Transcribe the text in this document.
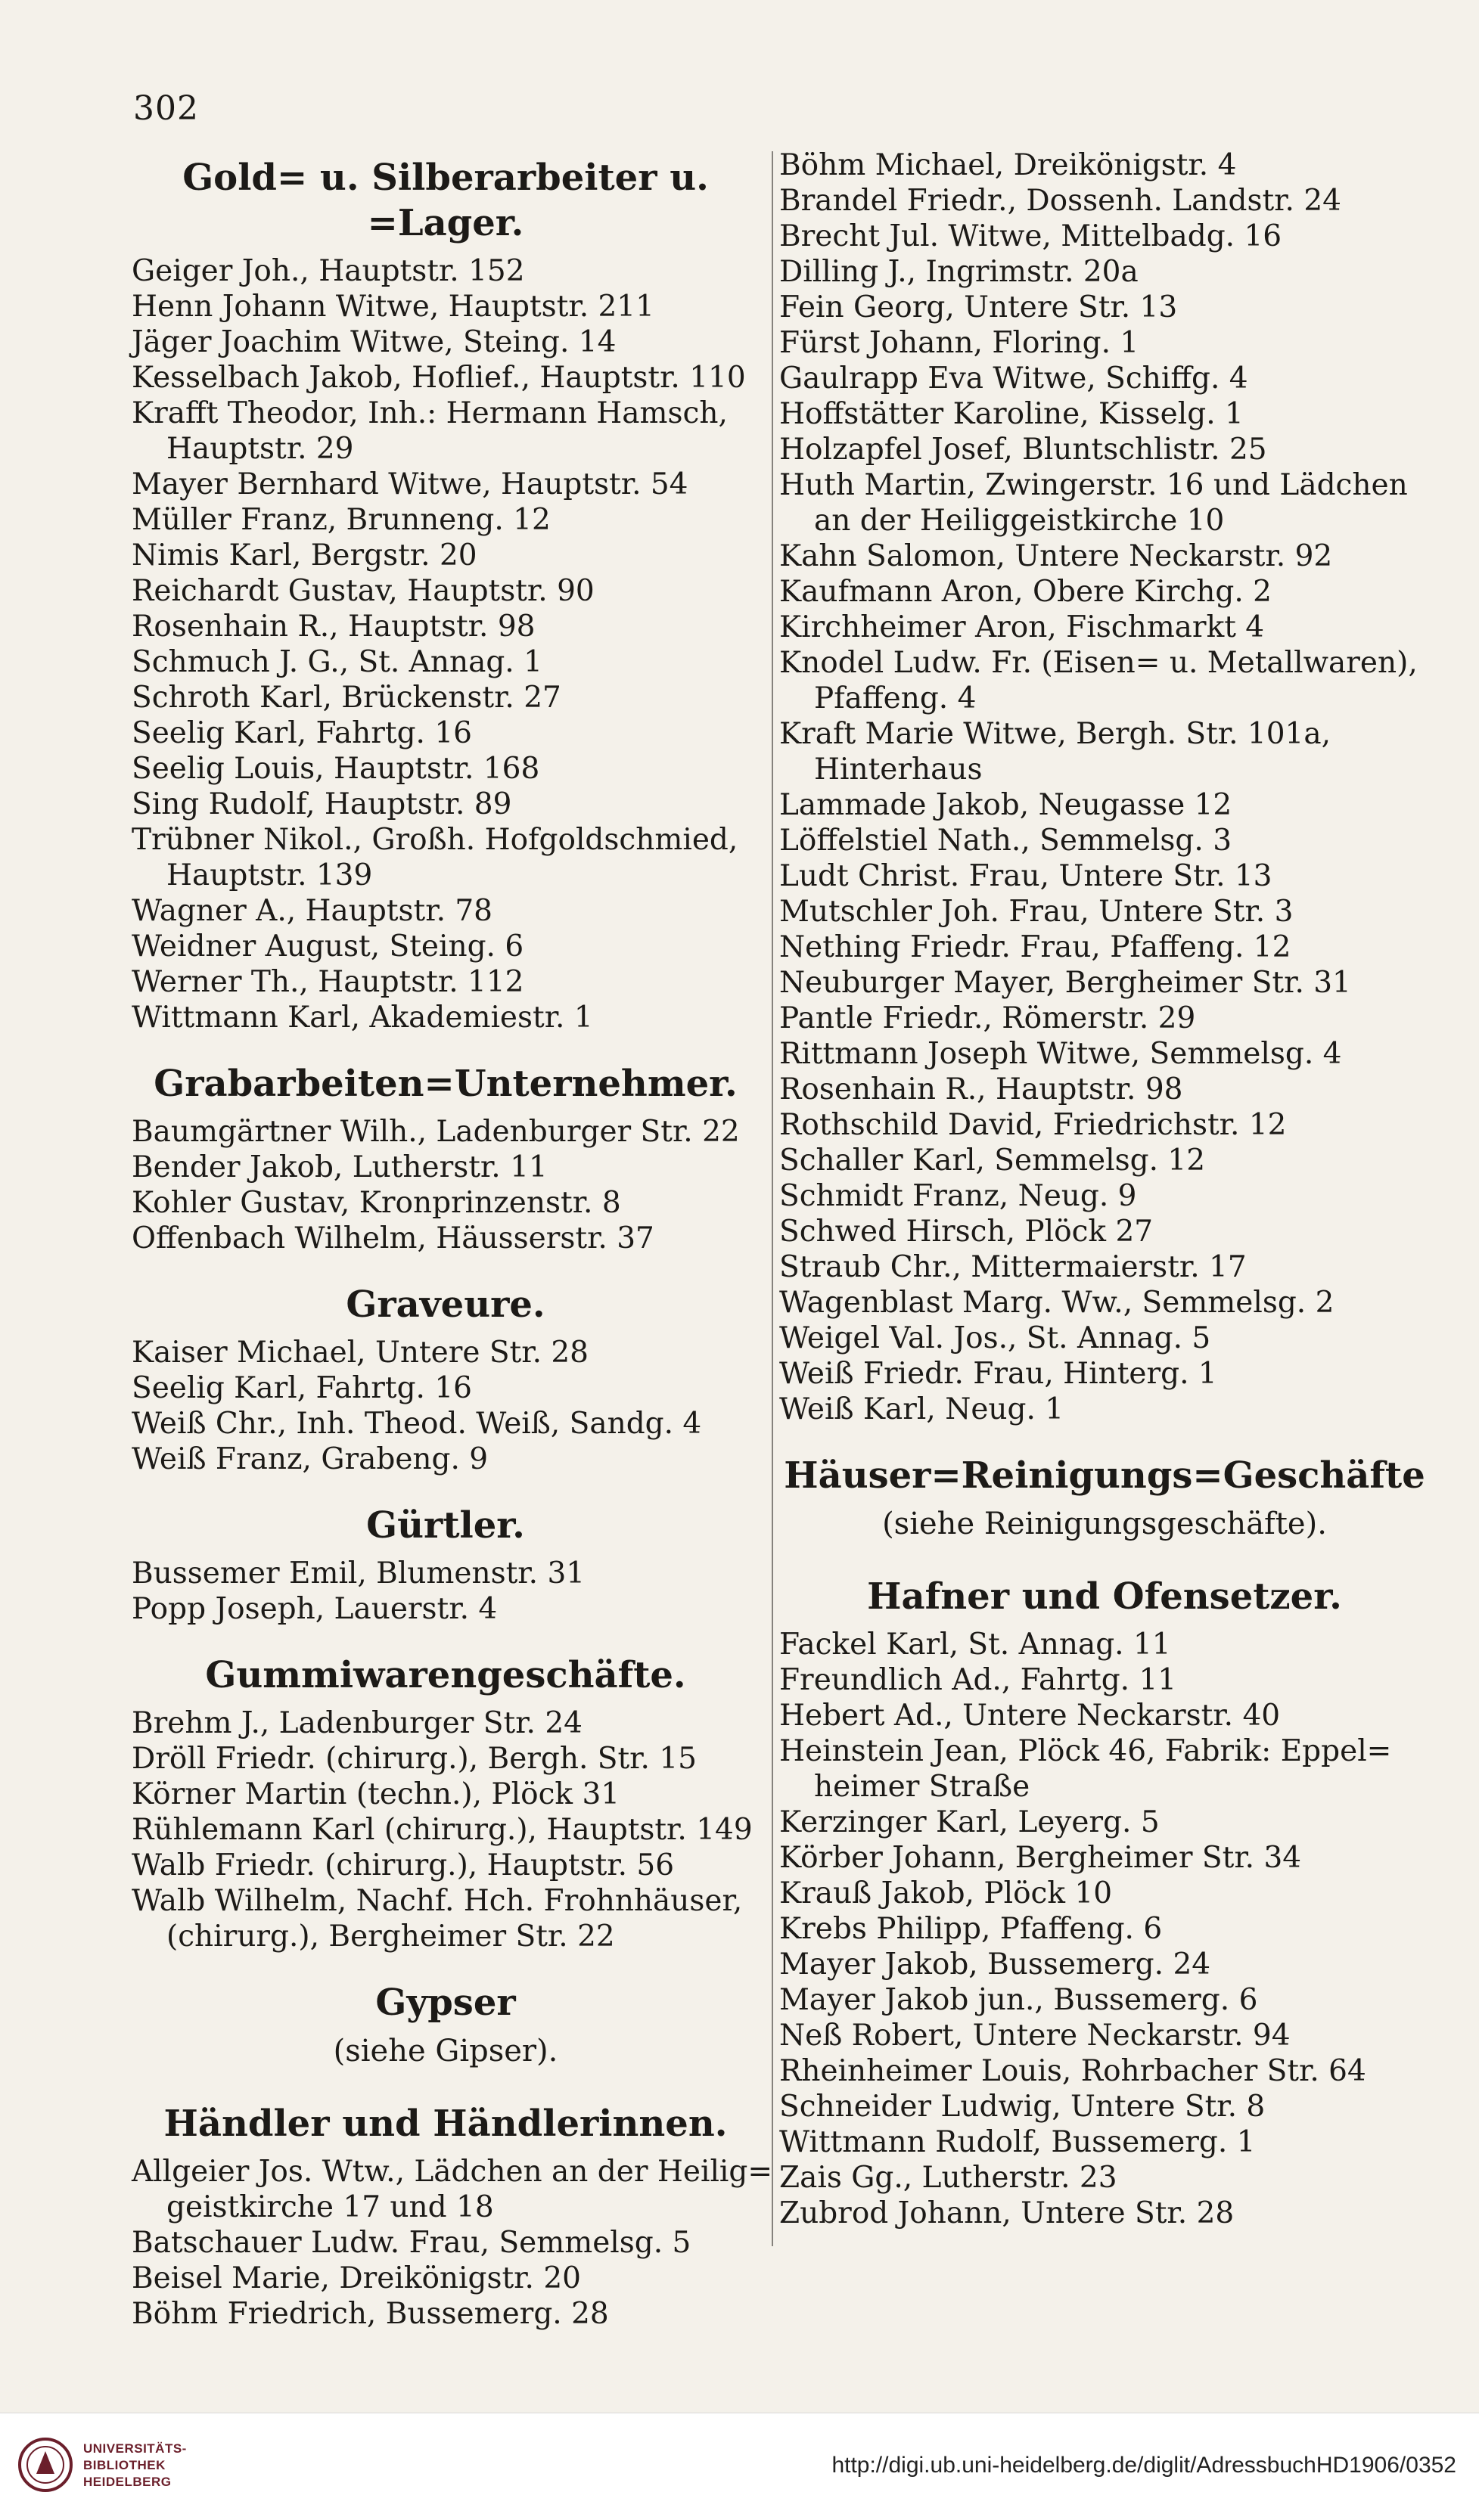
302
Gold= u. Silberarbeiter u. =Lager.
Geiger Joh., Hauptstr. 152
Henn Johann Witwe, Hauptstr. 211
Jäger Joachim Witwe, Steing. 14
Kesselbach Jakob, Hoflief., Hauptstr. 110
Krafft Theodor, Inh.: Hermann Hamsch,
Hauptstr. 29
Mayer Bernhard Witwe, Hauptstr. 54
Müller Franz, Brunneng. 12
Nimis Karl, Bergstr. 20
Reichardt Gustav, Hauptstr. 90
Rosenhain R., Hauptstr. 98
Schmuch J. G., St. Annag. 1
Schroth Karl, Brückenstr. 27
Seelig Karl, Fahrtg. 16
Seelig Louis, Hauptstr. 168
Sing Rudolf, Hauptstr. 89
Trübner Nikol., Großh. Hofgoldschmied,
Hauptstr. 139
Wagner A., Hauptstr. 78
Weidner August, Steing. 6
Werner Th., Hauptstr. 112
Wittmann Karl, Akademiestr. 1
Grabarbeiten=Unternehmer.
Baumgärtner Wilh., Ladenburger Str. 22
Bender Jakob, Lutherstr. 11
Kohler Gustav, Kronprinzenstr. 8
Offenbach Wilhelm, Häusserstr. 37
Graveure.
Kaiser Michael, Untere Str. 28
Seelig Karl, Fahrtg. 16
Weiß Chr., Inh. Theod. Weiß, Sandg. 4
Weiß Franz, Grabeng. 9
Gürtler.
Bussemer Emil, Blumenstr. 31
Popp Joseph, Lauerstr. 4
Gummiwarengeschäfte.
Brehm J., Ladenburger Str. 24
Dröll Friedr. (chirurg.), Bergh. Str. 15
Körner Martin (techn.), Plöck 31
Rühlemann Karl (chirurg.), Hauptstr. 149
Walb Friedr. (chirurg.), Hauptstr. 56
Walb Wilhelm, Nachf. Hch. Frohnhäuser,
(chirurg.), Bergheimer Str. 22
Gypser
(siehe Gipser).
Händler und Händlerinnen.
Allgeier Jos. Wtw., Lädchen an der Heilig=
geistkirche 17 und 18
Batschauer Ludw. Frau, Semmelsg. 5
Beisel Marie, Dreikönigstr. 20
Böhm Friedrich, Bussemerg. 28
Böhm Michael, Dreikönigstr. 4
Brandel Friedr., Dossenh. Landstr. 24
Brecht Jul. Witwe, Mittelbadg. 16
Dilling J., Ingrimstr. 20a
Fein Georg, Untere Str. 13
Fürst Johann, Floring. 1
Gaulrapp Eva Witwe, Schiffg. 4
Hoffstätter Karoline, Kisselg. 1
Holzapfel Josef, Bluntschlistr. 25
Huth Martin, Zwingerstr. 16 und Lädchen
an der Heiliggeistkirche 10
Kahn Salomon, Untere Neckarstr. 92
Kaufmann Aron, Obere Kirchg. 2
Kirchheimer Aron, Fischmarkt 4
Knodel Ludw. Fr. (Eisen= u. Metallwaren),
Pfaffeng. 4
Kraft Marie Witwe, Bergh. Str. 101a,
Hinterhaus
Lammade Jakob, Neugasse 12
Löffelstiel Nath., Semmelsg. 3
Ludt Christ. Frau, Untere Str. 13
Mutschler Joh. Frau, Untere Str. 3
Nething Friedr. Frau, Pfaffeng. 12
Neuburger Mayer, Bergheimer Str. 31
Pantle Friedr., Römerstr. 29
Rittmann Joseph Witwe, Semmelsg. 4
Rosenhain R., Hauptstr. 98
Rothschild David, Friedrichstr. 12
Schaller Karl, Semmelsg. 12
Schmidt Franz, Neug. 9
Schwed Hirsch, Plöck 27
Straub Chr., Mittermaierstr. 17
Wagenblast Marg. Ww., Semmelsg. 2
Weigel Val. Jos., St. Annag. 5
Weiß Friedr. Frau, Hinterg. 1
Weiß Karl, Neug. 1
Häuser=Reinigungs=Geschäfte
(siehe Reinigungsgeschäfte).
Hafner und Ofensetzer.
Fackel Karl, St. Annag. 11
Freundlich Ad., Fahrtg. 11
Hebert Ad., Untere Neckarstr. 40
Heinstein Jean, Plöck 46, Fabrik: Eppel=
heimer Straße
Kerzinger Karl, Leyerg. 5
Körber Johann, Bergheimer Str. 34
Krauß Jakob, Plöck 10
Krebs Philipp, Pfaffeng. 6
Mayer Jakob, Bussemerg. 24
Mayer Jakob jun., Bussemerg. 6
Neß Robert, Untere Neckarstr. 94
Rheinheimer Louis, Rohrbacher Str. 64
Schneider Ludwig, Untere Str. 8
Wittmann Rudolf, Bussemerg. 1
Zais Gg., Lutherstr. 23
Zubrod Johann, Untere Str. 28
UNIVERSITÄTS-
BIBLIOTHEK
HEIDELBERG
http://digi.ub.uni-heidelberg.de/diglit/AdressbuchHD1906/0352
